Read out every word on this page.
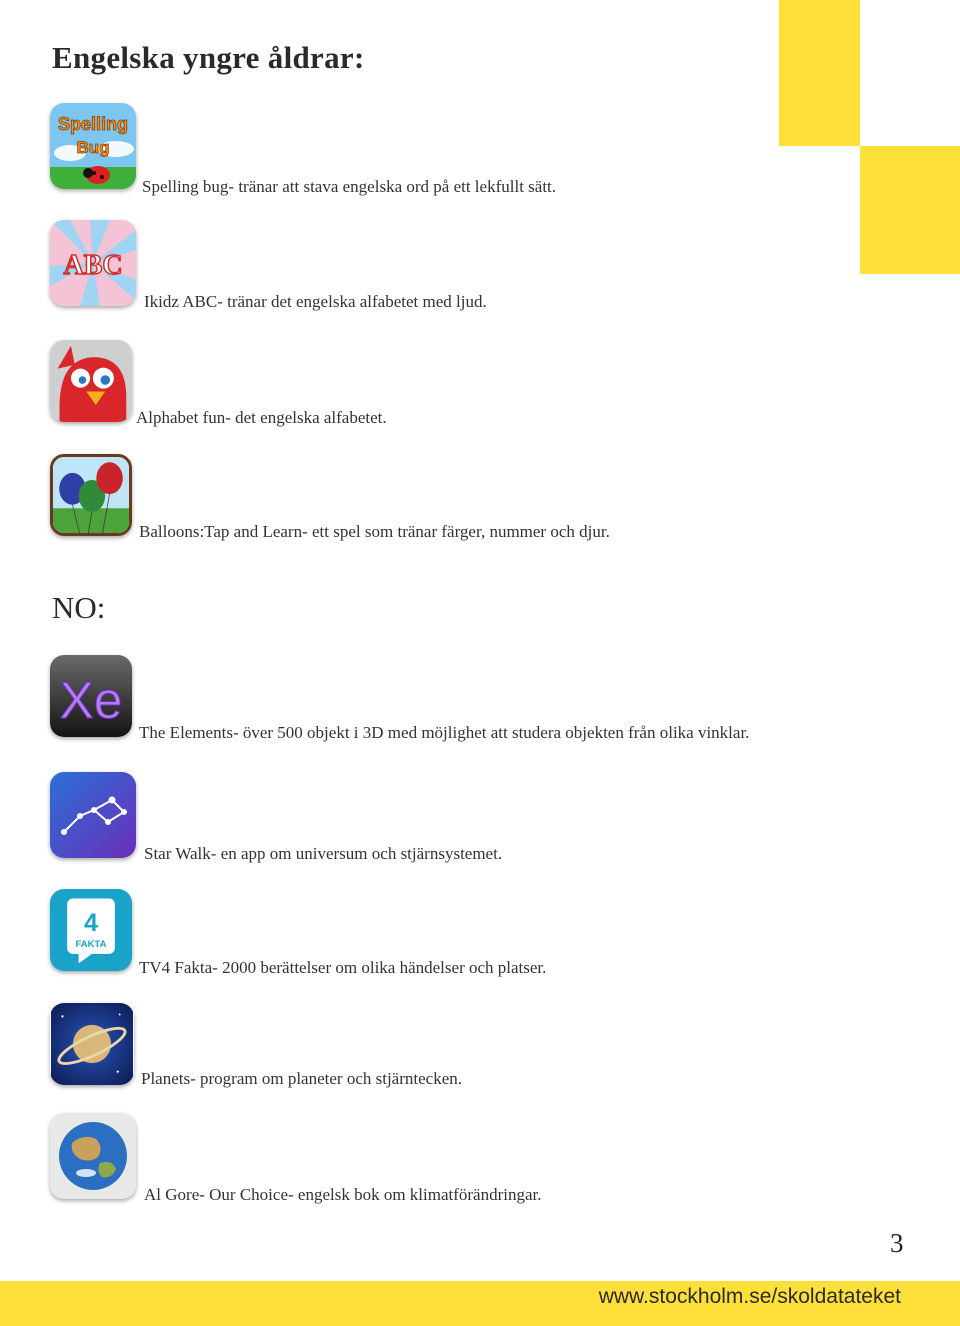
Engelska yngre åldrar:
Spelling
Bug
Spelling bug- tränar att stava engelska ord på ett lekfullt sätt.
ABC
Ikidz ABC- tränar det engelska alfabetet med ljud.
Alphabet fun- det engelska alfabetet.
Balloons:Tap and Learn- ett spel som tränar färger, nummer och djur.
NO:
Xe
The Elements- över 500 objekt i 3D med möjlighet att studera objekten från olika vinklar.
Star Walk- en app om universum och stjärnsystemet.
4
FAKTA
TV4 Fakta- 2000 berättelser om olika händelser och platser.
Planets- program om planeter och stjärntecken.
Al Gore- Our Choice- engelsk bok om klimatförändringar.
3
www.stockholm.se/skoldatateket
